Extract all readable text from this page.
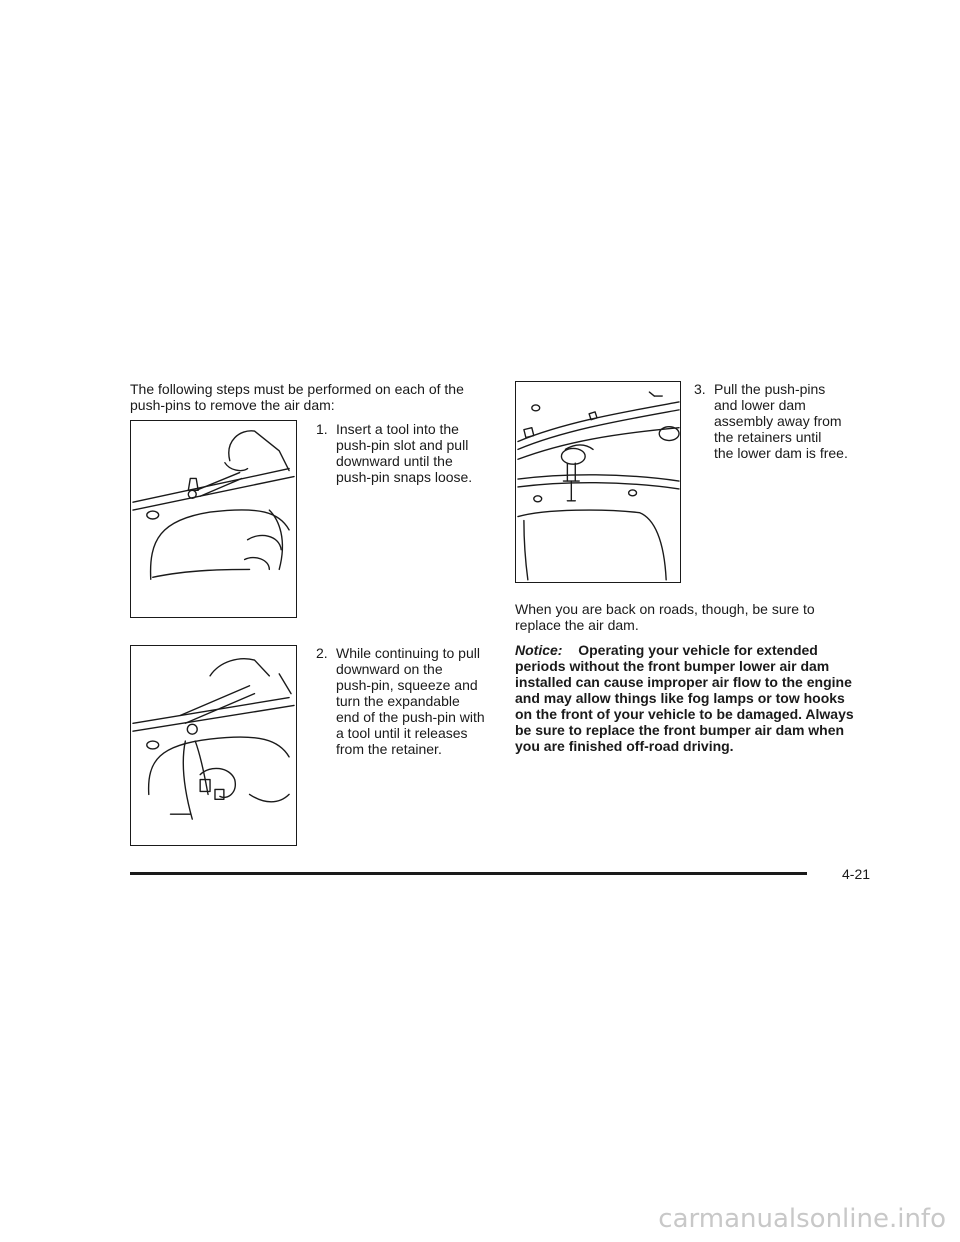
The following steps must be performed on each of the
push-pins to remove the air dam:
1. Insert a tool into the
push-pin slot and pull
downward until the
push-pin snaps loose.
2. While continuing to pull
downward on the
push-pin, squeeze and
turn the expandable
end of the push-pin with
a tool until it releases
from the retainer.
3. Pull the push-pins
and lower dam
assembly away from
the retainers until
the lower dam is free.
When you are back on roads, though, be sure to
replace the air dam.
Notice: Operating your vehicle for extended
periods without the front bumper lower air dam
installed can cause improper air flow to the engine
and may allow things like fog lamps or tow hooks
on the front of your vehicle to be damaged. Always
be sure to replace the front bumper air dam when
you are finished off-road driving.
4-21
carmanualsonline.info
